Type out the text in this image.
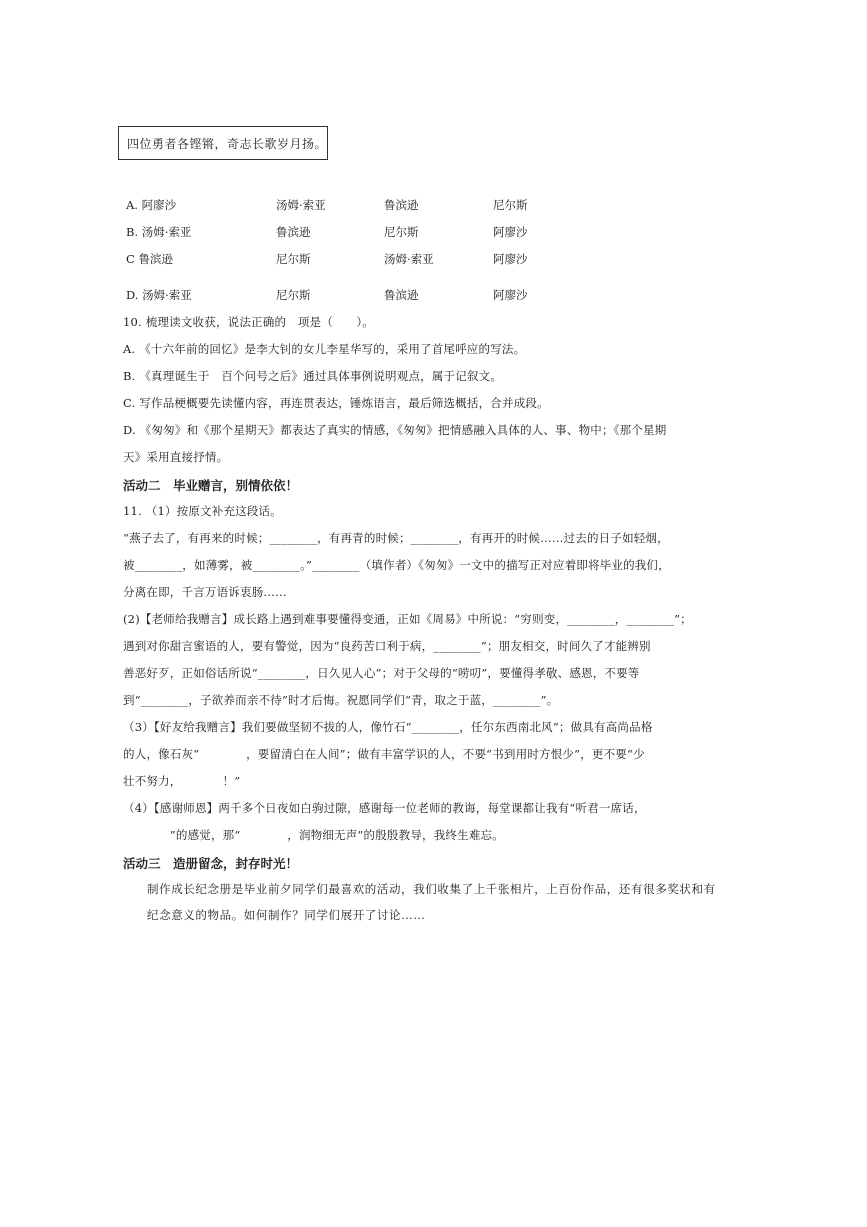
四位勇者各铿锵，奇志长歌岁月扬。
A. 阿廖沙	汤姆·索亚	鲁滨逊	尼尔斯
B. 汤姆·索亚	鲁滨逊	尼尔斯	阿廖沙
C 鲁滨逊	尼尔斯	汤姆·索亚	阿廖沙
D. 汤姆·索亚	尼尔斯	鲁滨逊	阿廖沙
10. 梳理读文收获，说法正确的　项是（　　）。
A. 《十六年前的回忆》是李大钊的女儿李星华写的，采用了首尾呼应的写法。
B. 《真理诞生于　百个问号之后》通过具体事例说明观点，属于记叙文。
C. 写作品梗概要先读懂内容，再连贯表达，锤炼语言，最后筛选概括，合并成段。
D. 《匆匆》和《那个星期天》都表达了真实的情感，《匆匆》把情感融入具体的人、事、物中；《那个星期
天》采用直接抒情。
活动二　毕业赠言，别情依依！
11. （1）按原文补充这段话。
“燕子去了，有再来的时候；________，有再青的时候；________，有再开的时候……过去的日子如轻烟，
被________，如薄雾，被________。”________（填作者）《匆匆》一文中的描写正对应着即将毕业的我们，
分离在即，千言万语诉衷肠……
(2)【老师给我赠言】成长路上遇到难事要懂得变通，正如《周易》中所说：“穷则变，________，________”；
遇到对你甜言蜜语的人，要有警觉，因为“良药苦口利于病，________”；朋友相交，时间久了才能辨别
善恶好歹，正如俗话所说“________，日久见人心”；对于父母的“唠叨”，要懂得孝敬、感恩，不要等
到“________，子欲养而亲不待”时才后悔。祝愿同学们“青，取之于蓝，________”。
（3）【好友给我赠言】我们要做坚韧不拔的人，像竹石“________，任尔东西南北风”；做具有高尚品格
的人，像石灰“　　　　，要留清白在人间”；做有丰富学识的人，不要“书到用时方恨少”，更不要“少
壮不努力，　　　　！”
（4）【感谢师恩】两千多个日夜如白驹过隙，感谢每一位老师的教诲，每堂课都让我有“听君一席话，
　　　　”的感觉，那“　　　　，润物细无声”的殷殷教导，我终生难忘。
活动三　造册留念，封存时光！
制作成长纪念册是毕业前夕同学们最喜欢的活动，我们收集了上千张相片，上百份作品，还有很多奖状和有纪念意义的物品。如何制作？同学们展开了讨论……
